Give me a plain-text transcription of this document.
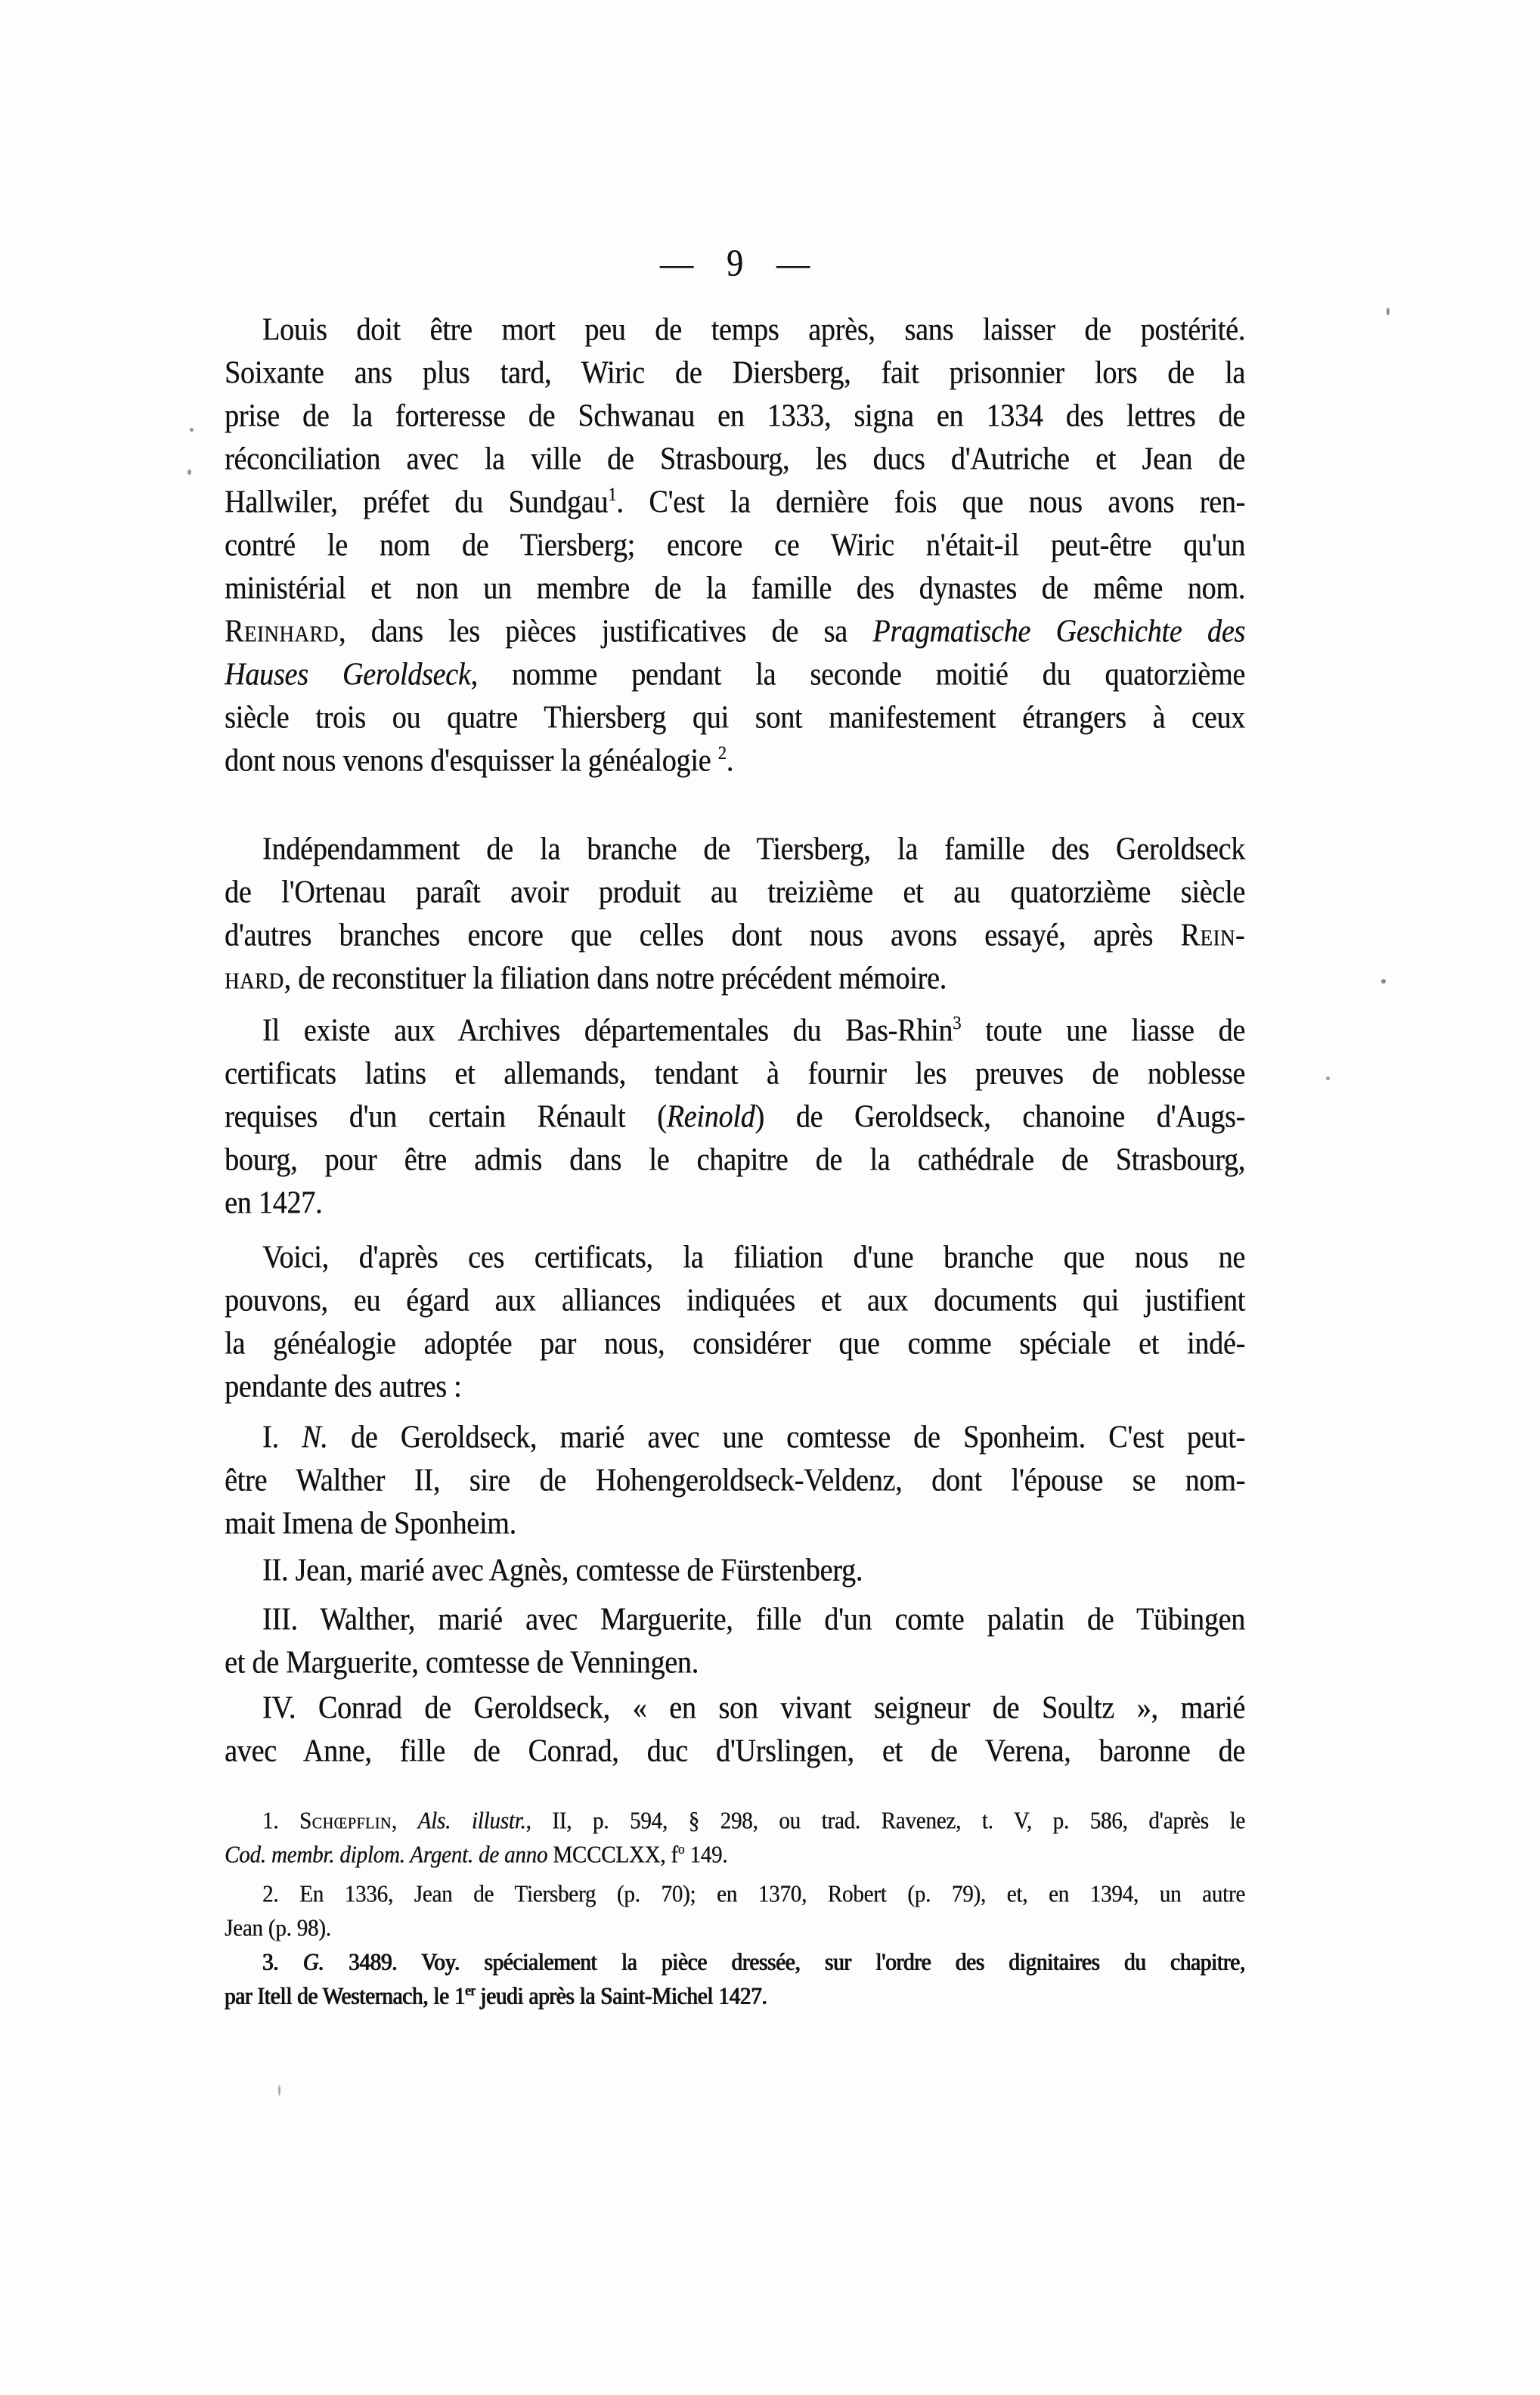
— 9 —
Louis doit être mort peu de temps après, sans laisser de postérité.
Soixante ans plus tard, Wiric de Diersberg, fait prisonnier lors de la
prise de la forteresse de Schwanau en 1333, signa en 1334 des lettres de
réconciliation avec la ville de Strasbourg, les ducs d'Autriche et Jean de
Hallwiler, préfet du Sundgau$^1$. C'est la dernière fois que nous avons ren-
contré le nom de Tiersberg; encore ce Wiric n'était-il peut-être qu'un
ministérial et non un membre de la famille des dynastes de même nom.
Reinhard, dans les pièces justificatives de sa Pragmatische Geschichte des
Hauses Geroldseck, nomme pendant la seconde moitié du quatorzième
siècle trois ou quatre Thiersberg qui sont manifestement étrangers à ceux
dont nous venons d'esquisser la généalogie $^2$.
Indépendamment de la branche de Tiersberg, la famille des Geroldseck
de l'Ortenau paraît avoir produit au treizième et au quatorzième siècle
d'autres branches encore que celles dont nous avons essayé, après Rein-
hard, de reconstituer la filiation dans notre précédent mémoire.
Il existe aux Archives départementales du Bas-Rhin$^3$ toute une liasse de
certificats latins et allemands, tendant à fournir les preuves de noblesse
requises d'un certain Rénault (Reinold) de Geroldseck, chanoine d'Augs-
bourg, pour être admis dans le chapitre de la cathédrale de Strasbourg,
en 1427.
Voici, d'après ces certificats, la filiation d'une branche que nous ne
pouvons, eu égard aux alliances indiquées et aux documents qui justifient
la généalogie adoptée par nous, considérer que comme spéciale et indé-
pendante des autres :
I. N. de Geroldseck, marié avec une comtesse de Sponheim. C'est peut-
être Walther II, sire de Hohengeroldseck-Veldenz, dont l'épouse se nom-
mait Imena de Sponheim.
II. Jean, marié avec Agnès, comtesse de Fürstenberg.
III. Walther, marié avec Marguerite, fille d'un comte palatin de Tübingen
et de Marguerite, comtesse de Venningen.
IV. Conrad de Geroldseck, « en son vivant seigneur de Soultz », marié
avec Anne, fille de Conrad, duc d'Urslingen, et de Verena, baronne de
1. Schœpflin, Als. illustr., II, p. 594, § 298, ou trad. Ravenez, t. V, p. 586, d'après le
Cod. membr. diplom. Argent. de anno MCCCLXX, $f^o$ 149.
2. En 1336, Jean de Tiersberg (p. 70); en 1370, Robert (p. 79), et, en 1394, un autre
Jean (p. 98).
3. G. 3489. Voy. spécialement la pièce dressée, sur l'ordre des dignitaires du chapitre,
par Itell de Westernach, le 1er jeudi après la Saint-Michel 1427.
